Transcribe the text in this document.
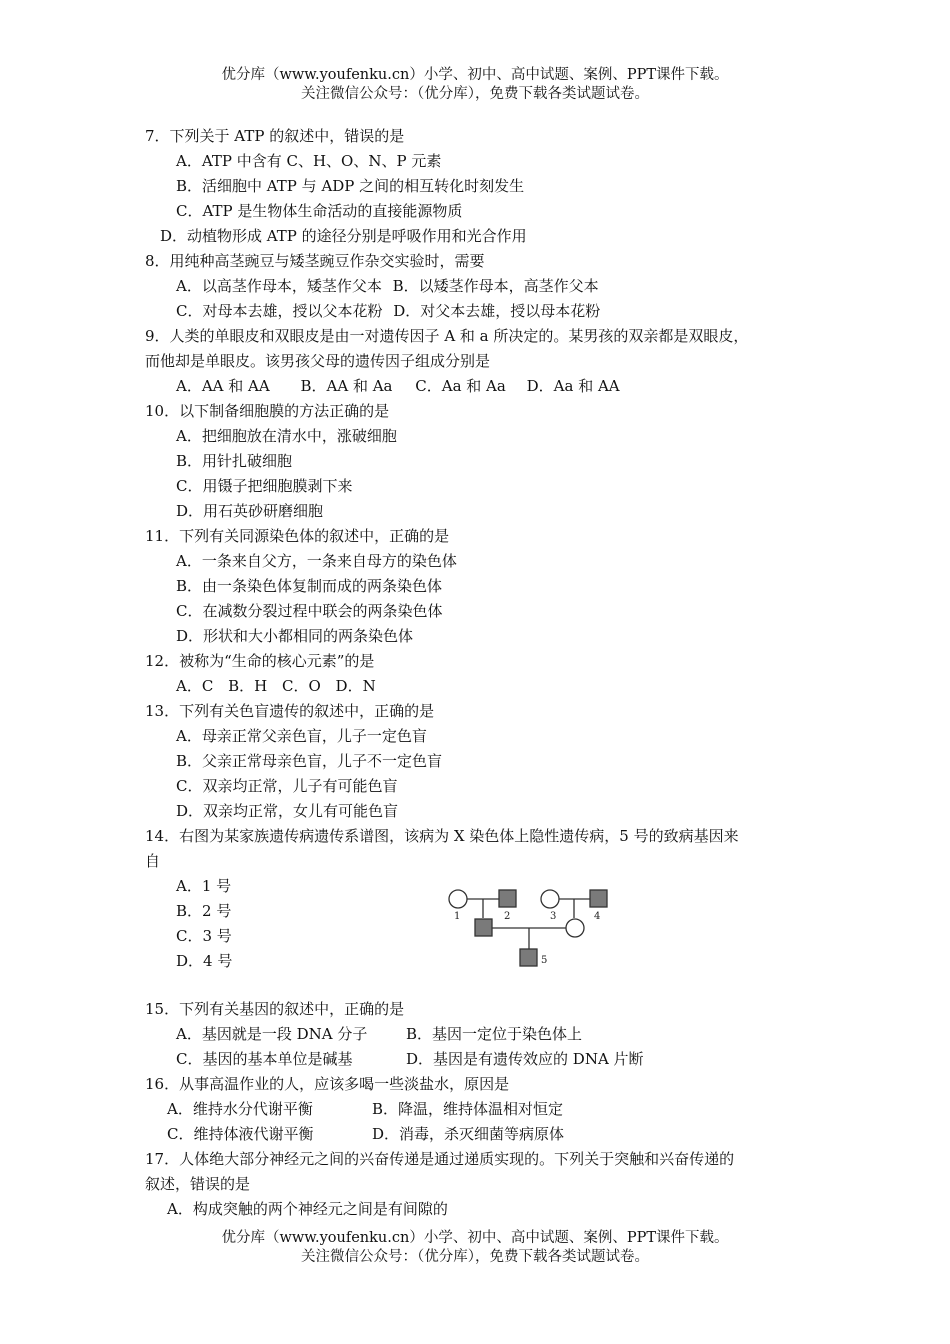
优分库（www.youfenku.cn）小学、初中、高中试题、案例、PPT课件下载。
关注微信公众号：（优分库），免费下载各类试题试卷。
7．下列关于 ATP 的叙述中，错误的是
A．ATP 中含有 C、H、O、N、P 元素
B．活细胞中 ATP 与 ADP 之间的相互转化时刻发生
C．ATP 是生物体生命活动的直接能源物质
D．动植物形成 ATP 的途径分别是呼吸作用和光合作用
8．用纯种高茎豌豆与矮茎豌豆作杂交实验时，需要
A．以高茎作母本，矮茎作父本 B．以矮茎作母本，高茎作父本
C．对母本去雄，授以父本花粉 D．对父本去雄，授以母本花粉
9．人类的单眼皮和双眼皮是由一对遗传因子 A 和 a 所决定的。某男孩的双亲都是双眼皮，
而他却是单眼皮。该男孩父母的遗传因子组成分别是
A．AA 和 AA B．AA 和 Aa C．Aa 和 Aa D．Aa 和 AA
10．以下制备细胞膜的方法正确的是
A．把细胞放在清水中，涨破细胞
B．用针扎破细胞
C．用镊子把细胞膜剥下来
D．用石英砂研磨细胞
11．下列有关同源染色体的叙述中，正确的是
A．一条来自父方，一条来自母方的染色体
B．由一条染色体复制而成的两条染色体
C．在减数分裂过程中联会的两条染色体
D．形状和大小都相同的两条染色体
12．被称为“生命的核心元素”的是
A．C B．H C．O D．N
13．下列有关色盲遗传的叙述中，正确的是
A．母亲正常父亲色盲，儿子一定色盲
B．父亲正常母亲色盲，儿子不一定色盲
C．双亲均正常，儿子有可能色盲
D．双亲均正常，女儿有可能色盲
14．右图为某家族遗传病遗传系谱图，该病为 X 染色体上隐性遗传病，5 号的致病基因来
自
A．1 号
B．2 号
C．3 号
D．4 号
15．下列有关基因的叙述中，正确的是
A．基因就是一段 DNA 分子	B．基因一定位于染色体上
C．基因的基本单位是碱基	D．基因是有遗传效应的 DNA 片断
16．从事高温作业的人，应该多喝一些淡盐水，原因是
A．维持水分代谢平衡	B．降温，维持体温相对恒定
C．维持体液代谢平衡	D．消毒，杀灭细菌等病原体
17．人体绝大部分神经元之间的兴奋传递是通过递质实现的。下列关于突触和兴奋传递的
叙述，错误的是
A．构成突触的两个神经元之间是有间隙的
1	2	3	4
5
优分库（www.youfenku.cn）小学、初中、高中试题、案例、PPT课件下载。
关注微信公众号：（优分库），免费下载各类试题试卷。
